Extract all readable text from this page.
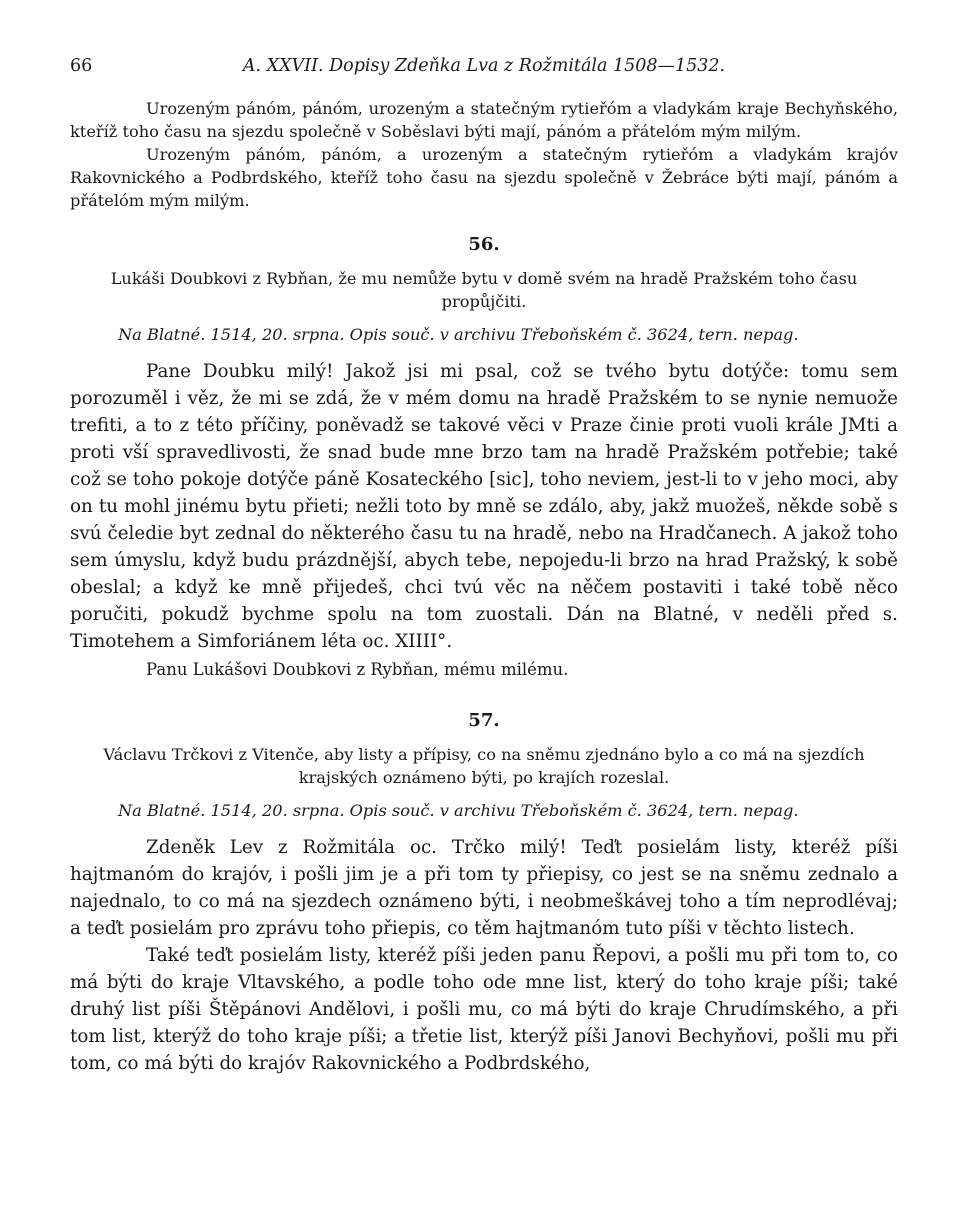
66	A. XXVII. Dopisy Zdeňka Lva z Rožmitála 1508—1532.

Urozeným pánóm, pánóm, urozeným a statečným rytieřóm a vladykám kraje Bechyňského, kteříž toho času na sjezdu společně v Soběslavi býti mají, pánóm a přátelóm mým milým.

Urozeným pánóm, pánóm, a urozeným a statečným rytieřóm a vladykám krajóv Rakovnického a Podbrdského, kteříž toho času na sjezdu společně v Žebráce býti mají, pánóm a přátelóm mým milým.

56.

Lukáši Doubkovi z Rybňan, že mu nemůže bytu v domě svém na hradě Pražském toho času propůjčiti.

Na Blatné. 1514, 20. srpna. Opis souč. v archivu Třeboňském č. 3624, tern. nepag.

Pane Doubku milý! Jakož jsi mi psal, což se tvého bytu dotýče: tomu sem porozuměl i věz, že mi se zdá, že v mém domu na hradě Pražském to se nynie nemuože trefiti, a to z této příčiny, poněvadž se takové věci v Praze činie proti vuoli krále JMti a proti vší spravedlivosti, že snad bude mne brzo tam na hradě Pražském potřebie; také což se toho pokoje dotýče páně Kosateckého [sic], toho neviem, jest-li to v jeho moci, aby on tu mohl jinému bytu přieti; nežli toto by mně se zdálo, aby, jakž muožeš, někde sobě s svú čeledie byt zednal do některého času tu na hradě, nebo na Hradčanech. A jakož toho sem úmyslu, když budu prázdnější, abych tebe, nepojedu-li brzo na hrad Pražský, k sobě obeslal; a když ke mně přijedeš, chci tvú věc na něčem postaviti i také tobě něco poručiti, pokudž bychme spolu na tom zuostali. Dán na Blatné, v neděli před s. Timotehem a Simforiánem léta oc. XIIII°.

Panu Lukášovi Doubkovi z Rybňan, mému milému.

57.

Václavu Trčkovi z Vitenče, aby listy a přípisy, co na sněmu zjednáno bylo a co má na sjezdích krajských oznámeno býti, po krajích rozeslal.

Na Blatné. 1514, 20. srpna. Opis souč. v archivu Třeboňském č. 3624, tern. nepag.

Zdeněk Lev z Rožmitála oc. Trčko milý! Teďt posielám listy, kteréž píši hajtmanóm do krajóv, i pošli jim je a při tom ty přiepisy, co jest se na sněmu zednalo a najednalo, to co má na sjezdech oznámeno býti, i neobmeškávej toho a tím neprodlévaj; a teďt posielám pro zprávu toho přiepis, co těm hajtmanóm tuto píši v těchto listech.

Také teďt posielám listy, kteréž píši jeden panu Řepovi, a pošli mu při tom to, co má býti do kraje Vltavského, a podle toho ode mne list, který do toho kraje píši; také druhý list píši Štěpánovi Andělovi, i pošli mu, co má býti do kraje Chrudímského, a při tom list, kterýž do toho kraje píši; a třetie list, kterýž píši Janovi Bechyňovi, pošli mu při tom, co má býti do krajóv Rakovnického a Podbrdského,
